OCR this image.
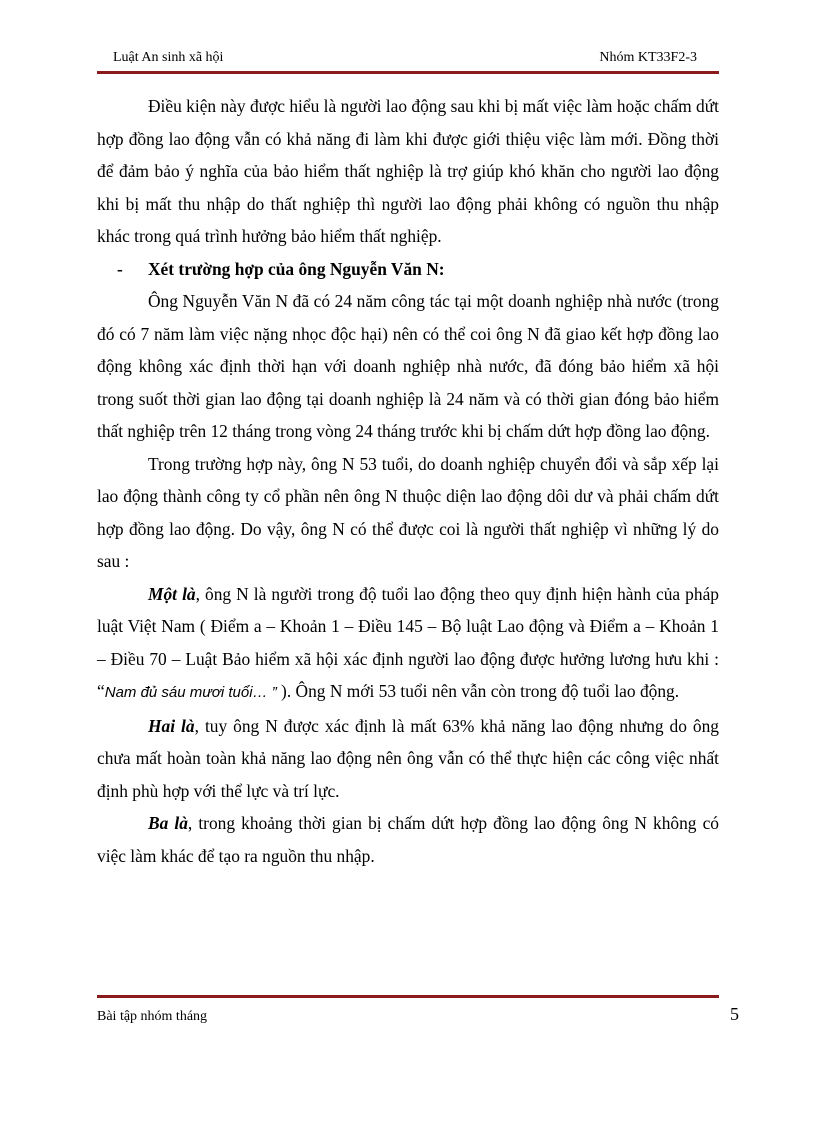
Luật An sinh xã hội	Nhóm KT33F2-3

Điều kiện này được hiểu là người lao động sau khi bị mất việc làm hoặc chấm dứt hợp đồng lao động vẫn có khả năng đi làm khi được giới thiệu việc làm mới. Đồng thời để đảm bảo ý nghĩa của bảo hiểm thất nghiệp là trợ giúp khó khăn cho người lao động khi bị mất thu nhập do thất nghiệp thì người lao động phải không có nguồn thu nhập khác trong quá trình hưởng bảo hiểm thất nghiệp.

- Xét trường hợp của ông Nguyễn Văn N:

Ông Nguyễn Văn N đã có 24 năm công tác tại một doanh nghiệp nhà nước (trong đó có 7 năm làm việc nặng nhọc độc hại) nên có thể coi ông N đã giao kết hợp đồng lao động không xác định thời hạn với doanh nghiệp nhà nước, đã đóng bảo hiểm xã hội trong suốt thời gian lao động tại doanh nghiệp là 24 năm và có thời gian đóng bảo hiểm thất nghiệp trên 12 tháng trong vòng 24 tháng trước khi bị chấm dứt hợp đồng lao động.

Trong trường hợp này, ông N 53 tuổi, do doanh nghiệp chuyển đổi và sắp xếp lại lao động thành công ty cổ phần nên ông N thuộc diện lao động dôi dư và phải chấm dứt hợp đồng lao động. Do vậy, ông N có thể được coi là người thất nghiệp vì những lý do sau :

Một là, ông N là người trong độ tuổi lao động theo quy định hiện hành của pháp luật Việt Nam ( Điểm a – Khoản 1 – Điều 145 – Bộ luật Lao động và Điểm a – Khoản 1 – Điều 70 – Luật Bảo hiểm xã hội xác định người lao động được hưởng lương hưu khi : “Nam đủ sáu mươi tuổi… ” ). Ông N mới 53 tuổi nên vẫn còn trong độ tuổi lao động.

Hai là, tuy ông N được xác định là mất 63% khả năng lao động nhưng do ông chưa mất hoàn toàn khả năng lao động nên ông vẫn có thể thực hiện các công việc nhất định phù hợp với thể lực và trí lực.

Ba là, trong khoảng thời gian bị chấm dứt hợp đồng lao động ông N không có việc làm khác để tạo ra nguồn thu nhập.

Bài tập nhóm tháng	5
